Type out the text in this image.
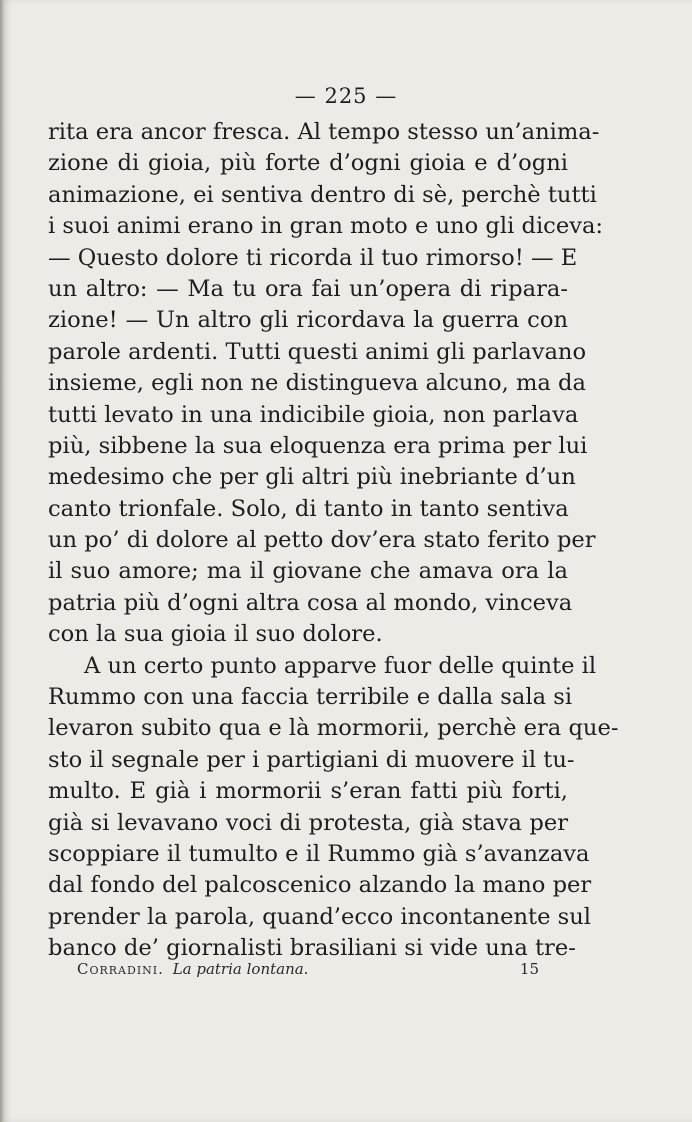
— 225 —
rita era ancor fresca. Al tempo stesso un’anima-
zione di gioia, più forte d’ogni gioia e d’ogni
animazione, ei sentiva dentro di sè, perchè tutti
i suoi animi erano in gran moto e uno gli diceva:
— Questo dolore ti ricorda il tuo rimorso! — E
un altro: — Ma tu ora fai un’opera di ripara-
zione! — Un altro gli ricordava la guerra con
parole ardenti. Tutti questi animi gli parlavano
insieme, egli non ne distingueva alcuno, ma da
tutti levato in una indicibile gioia, non parlava
più, sibbene la sua eloquenza era prima per lui
medesimo che per gli altri più inebriante d’un
canto trionfale. Solo, di tanto in tanto sentiva
un po’ di dolore al petto dov’era stato ferito per
il suo amore; ma il giovane che amava ora la
patria più d’ogni altra cosa al mondo, vinceva
con la sua gioia il suo dolore.
A un certo punto apparve fuor delle quinte il
Rummo con una faccia terribile e dalla sala si
levaron subito qua e là mormorii, perchè era que-
sto il segnale per i partigiani di muovere il tu-
multo. E già i mormorii s’eran fatti più forti,
già si levavano voci di protesta, già stava per
scoppiare il tumulto e il Rummo già s’avanzava
dal fondo del palcoscenico alzando la mano per
prender la parola, quand’ecco incontanente sul
banco de’ giornalisti brasiliani si vide una tre-
Corradini. La patria lontana.	15
